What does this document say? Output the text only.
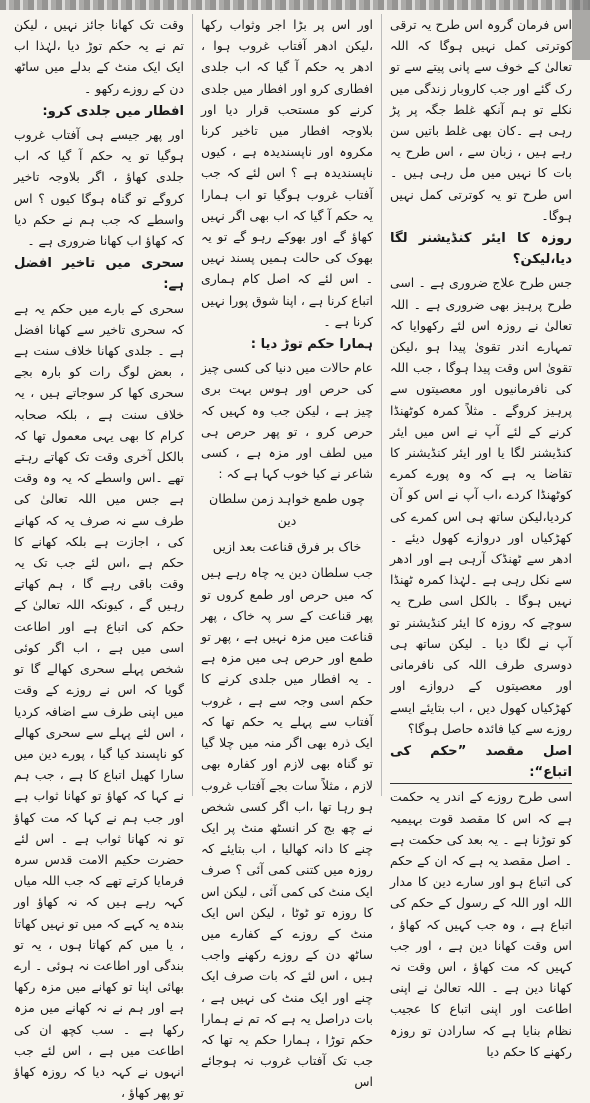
اس فرمان گروہ اس طرح یہ ترقی کوترتی کمل نہیں ہوگا کہ اللہ تعالیٰ کے خوف سے پانی پیتے سے تو رک گئے اور جب کاروبار زندگی میں نکلے تو ہم آنکھ غلط جگہ پر پڑ رہی ہے ۔کان بھی غلط باتیں سن رہے ہیں ، زبان سے ، اس طرح یہ بات کا نہیں میں مل رہی ہیں ۔ اس طرح تو یہ کوترتی کمل نہیں ہوگا۔

روزہ کا ایئر کنڈیشنر لگا دیا،لیکن؟

جس طرح علاج ضروری ہے ۔ اسی طرح پرہیز بھی ضروری ہے ۔ اللہ تعالیٰ نے روزہ اس لئے رکھوایا کہ تمہارے اندر تقویٰ پیدا ہو ،لیکن تقویٰ اس وقت پیدا ہوگا ، جب اللہ کی نافرمانیوں اور معصیتوں سے پرہیز کروگے ۔ مثلاً کمرہ کوٹھنڈا کرنے کے لئے آپ نے اس میں ایئر کنڈیشنر لگا یا اور ایئر کنڈیشنر کا تقاضا یہ ہے کہ وہ پورے کمرے کوٹھنڈا کردے ،اب آپ نے اس کو آن کردیا،لیکن ساتھ ہی اس کمرے کی کھڑکیاں اور دروازے کھول دیئے ۔ ادھر سے ٹھنڈک آرہی ہے اور ادھر سے نکل رہی ہے ۔لہٰذا کمرہ ٹھنڈا نہیں ہوگا ۔ بالکل اسی طرح یہ سوچے کہ روزہ کا ایئر کنڈیشنر تو آپ نے لگا دیا ۔ لیکن ساتھ ہی دوسری طرف اللہ کی نافرمانی اور معصیتوں کے دروازے اور کھڑکیاں کھول دیں ، اب بتایئے ایسے روزے سے کیا فائدہ حاصل ہوگا؟

اصل مقصد ”حکم کی اتباع“:

اسی طرح روزے کے اندر یہ حکمت ہے کہ اس کا مقصد قوت بہیمیہ کو توڑنا ہے ۔ یہ بعد کی حکمت ہے ۔ اصل مقصد یہ ہے کہ ان کے حکم کی اتباع ہو اور سارے دین کا مدار اللہ اور اللہ کے رسول کے حکم کی اتباع ہے ، وہ جب کہیں کہ کھاؤ ، اس وقت کھانا دین ہے ، اور جب کہیں کہ مت کھاؤ ، اس وقت نہ کھانا دین ہے ۔ اللہ تعالیٰ نے اپنی اطاعت اور اپنی اتباع کا عجیب نظام بنایا ہے کہ سارادن تو روزہ رکھنے کا حکم دیا

اور اس پر بڑا اجر وثواب رکھا ،لیکن ادھر آفتاب غروب ہوا ، ادھر یہ حکم آ گیا کہ اب جلدی افطاری کرو اور افطار میں جلدی کرنے کو مستحب قرار دیا اور بلاوجہ افطار میں تاخیر کرنا مکروہ اور ناپسندیدہ ہے ، کیوں ناپسندیدہ ہے ؟ اس لئے کہ جب آفتاب غروب ہوگیا تو اب ہمارا یہ حکم آ گیا کہ اب بھی اگر نہیں کھاؤ گے اور بھوکے رہو گے تو یہ بھوک کی حالت ہمیں پسند نہیں ۔ اس لئے کہ اصل کام ہماری اتباع کرنا ہے ، اپنا شوق پورا نہیں کرنا ہے ۔

ہمارا حکم توڑ دیا :

عام حالات میں دنیا کی کسی چیز کی حرص اور ہوس بہت بری چیز ہے ، لیکن جب وہ کہیں کہ حرص کرو ، تو پھر حرص ہی میں لطف اور مزہ ہے ، کسی شاعر نے کیا خوب کہا ہے کہ :

چوں طمع خواہد زمن سلطان دین

خاک بر فرق قناعت بعد ازیں

جب سلطان دین یہ چاہ رہے ہیں کہ میں حرص اور طمع کروں تو پھر قناعت کے سر پہ خاک ، پھر قناعت میں مزہ نہیں ہے ، پھر تو طمع اور حرص ہی میں مزہ ہے ۔ یہ افطار میں جلدی کرنے کا حکم اسی وجہ سے ہے ، غروب آفتاب سے پہلے یہ حکم تھا کہ ایک ذرہ بھی اگر منہ میں چلا گیا تو گناہ بھی لازم اور کفارہ بھی لازم ، مثلاً سات بجے آفتاب غروب ہو رہا تھا ،اب اگر کسی شخص نے چھ بج کر انسٹھ منٹ پر ایک چنے کا دانہ کھالیا ، اب بتایئے کہ روزہ میں کتنی کمی آئی ؟ صرف ایک منٹ کی کمی آئی ، لیکن اس کا روزہ تو ٹوٹا ، لیکن اس ایک منٹ کے روزے کے کفارے میں ساٹھ دن کے روزے رکھنے واجب ہیں ، اس لئے کہ بات صرف ایک چنے اور ایک منٹ کی نہیں ہے ، بات دراصل یہ ہے کہ تم نے ہمارا حکم توڑا ، ہمارا حکم یہ تھا کہ جب تک آفتاب غروب نہ ہوجائے اس

وقت تک کھانا جائز نہیں ، لیکن تم نے یہ حکم توڑ دیا ،لہٰذا اب ایک ایک منٹ کے بدلے میں ساٹھ دن کے روزے رکھو ۔

افطار میں جلدی کرو:

اور پھر جیسے ہی آفتاب غروب ہوگیا تو یہ حکم آ گیا کہ اب جلدی کھاؤ ، اگر بلاوجہ تاخیر کروگے تو گناہ ہوگا کیوں ؟ اس واسطے کہ جب ہم نے حکم دیا کہ کھاؤ اب کھانا ضروری ہے ۔

سحری میں تاخیر افضل ہے:

سحری کے بارے میں حکم یہ ہے کہ سحری تاخیر سے کھانا افضل ہے ۔ جلدی کھانا خلاف سنت ہے ، بعض لوگ رات کو بارہ بجے سحری کھا کر سوجاتے ہیں ، یہ خلاف سنت ہے ، بلکہ صحابہ کرام کا بھی یہی معمول تھا کہ بالکل آخری وقت تک کھاتے رہتے تھے ۔اس واسطے کہ یہ وہ وقت ہے جس میں اللہ تعالیٰ کی طرف سے نہ صرف یہ کہ کھانے کی ، اجازت ہے بلکہ کھانے کا حکم ہے ،اس لئے جب تک یہ وقت باقی رہے گا ، ہم کھاتے رہیں گے ، کیونکہ اللہ تعالیٰ کے حکم کی اتباع ہے اور اطاعت اسی میں ہے ، اب اگر کوئی شخص پہلے سحری کھالے گا تو گویا کہ اس نے روزے کے وقت میں اپنی طرف سے اضافہ کردیا ، اس لئے پہلے سے سحری کھالے کو ناپسند کیا گیا ، پورے دین میں سارا کھیل اتباع کا ہے ، جب ہم نے کہا کہ کھاؤ تو کھانا ثواب ہے اور جب ہم نے کہا کہ مت کھاؤ تو نہ کھانا ثواب ہے ۔ اس لئے حضرت حکیم الامت قدس سرہ فرمایا کرتے تھے کہ جب اللہ میاں کہہ رہے ہیں کہ نہ کھاؤ اور بندہ یہ کہے کہ میں تو نہیں کھاتا ، یا میں کم کھاتا ہوں ، یہ تو بندگی اور اطاعت نہ ہوئی ۔ ارے بھائی اپنا تو کھانے میں مزہ رکھا ہے اور ہم نے نہ کھانے میں مزہ رکھا ہے ۔ سب کچھ ان کی اطاعت میں ہے ، اس لئے جب انہوں نے کہہ دیا کہ روزہ کھاؤ تو پھر کھاؤ ،
